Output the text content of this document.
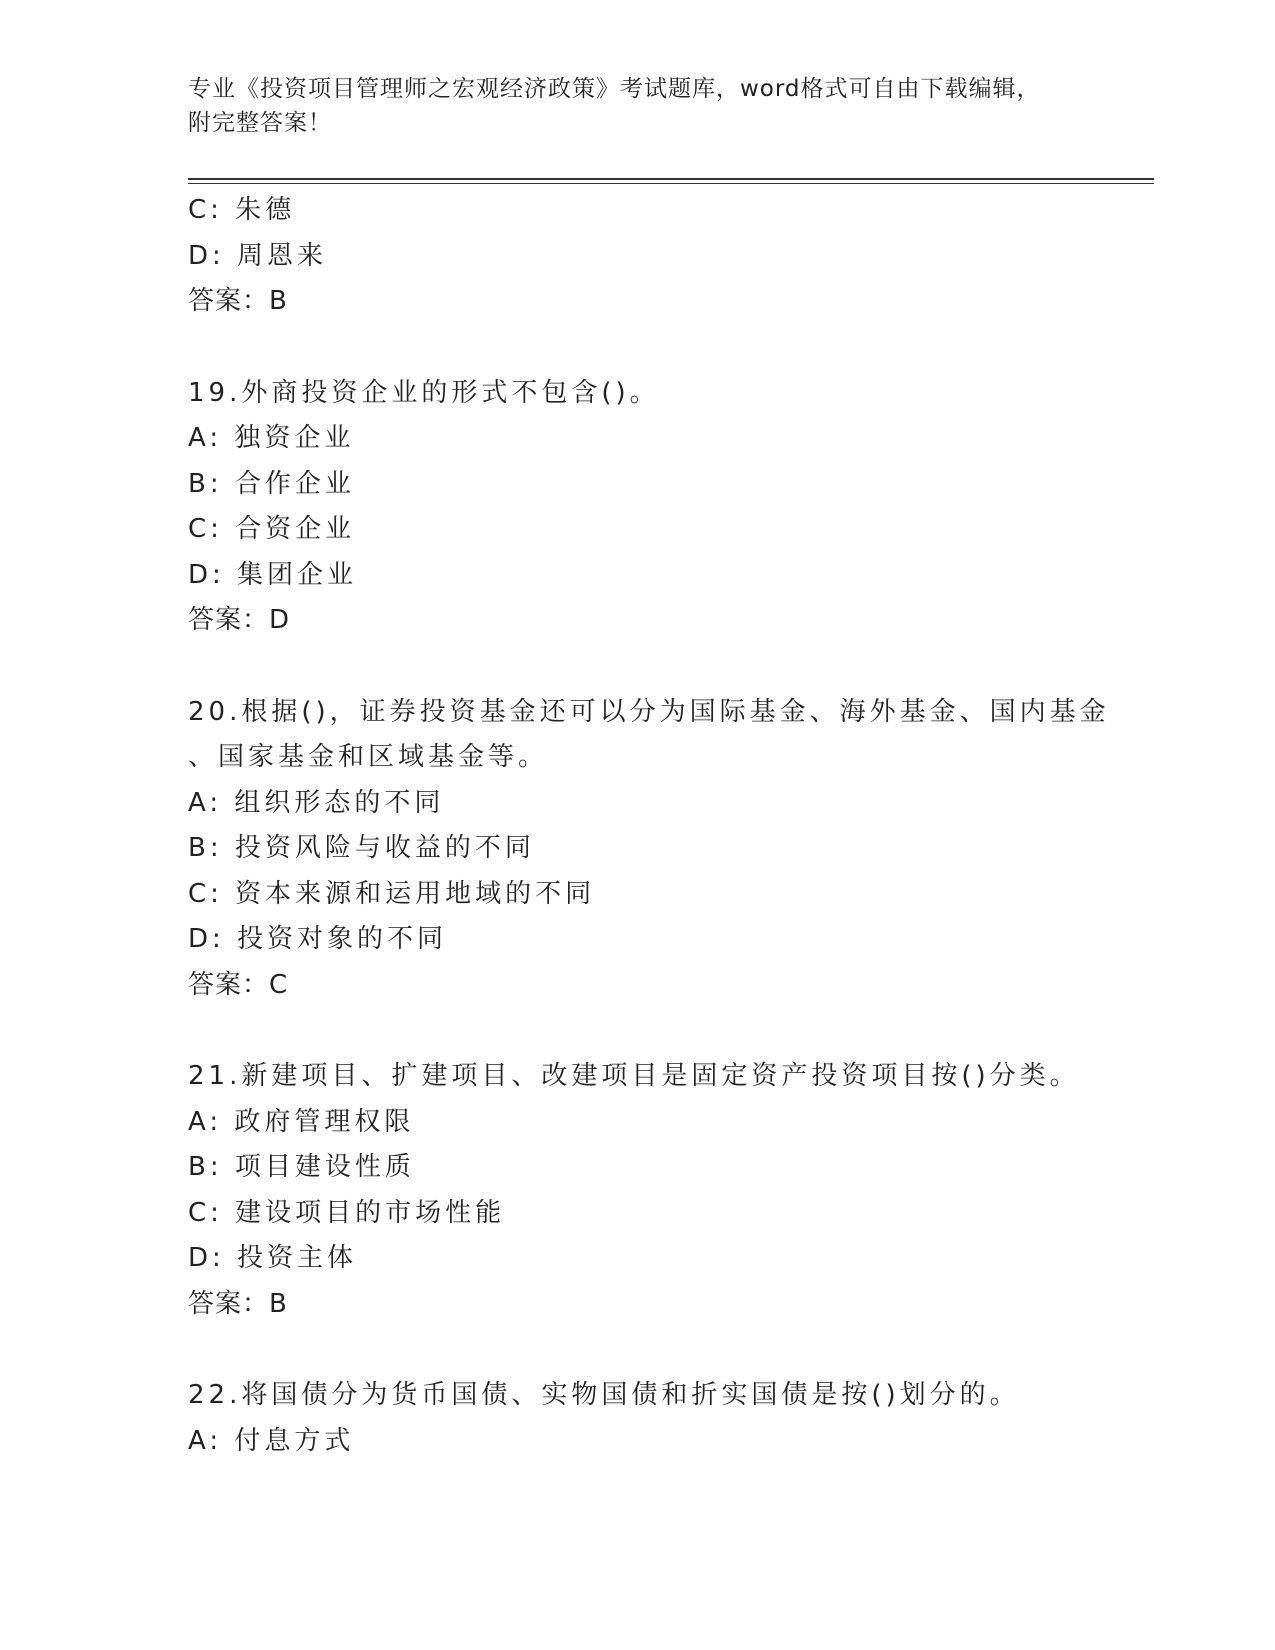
专业《投资项目管理师之宏观经济政策》考试题库，word格式可自由下载编辑，
附完整答案！
C: 朱德
D: 周恩来
答案：B
19.外商投资企业的形式不包含()。
A: 独资企业
B: 合作企业
C: 合资企业
D: 集团企业
答案：D
20.根据()，证券投资基金还可以分为国际基金、海外基金、国内基金
、国家基金和区域基金等。
A: 组织形态的不同
B: 投资风险与收益的不同
C: 资本来源和运用地域的不同
D: 投资对象的不同
答案：C
21.新建项目、扩建项目、改建项目是固定资产投资项目按()分类。
A: 政府管理权限
B: 项目建设性质
C: 建设项目的市场性能
D: 投资主体
答案：B
22.将国债分为货币国债、实物国债和折实国债是按()划分的。
A: 付息方式
